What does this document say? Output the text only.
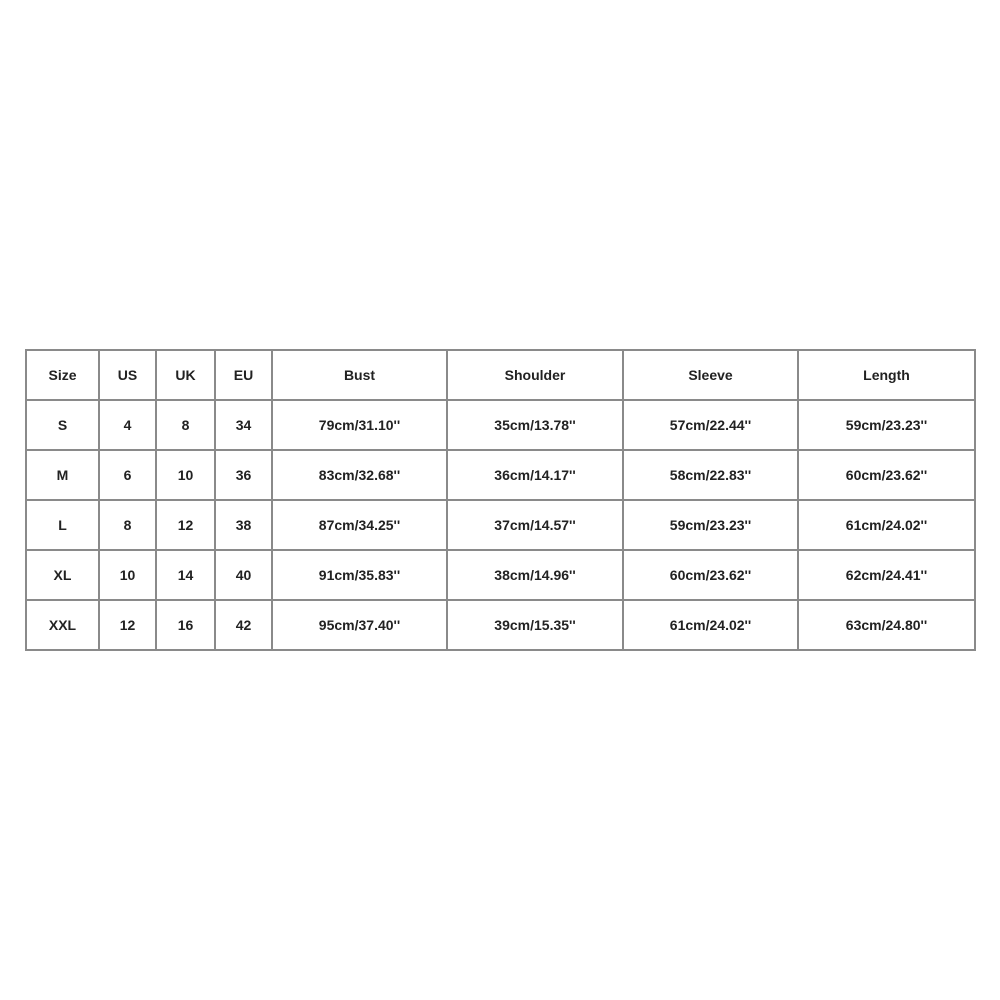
Size	US	UK	EU	Bust	Shoulder	Sleeve	Length
S	4	8	34	79cm/31.10''	35cm/13.78''	57cm/22.44''	59cm/23.23''
M	6	10	36	83cm/32.68''	36cm/14.17''	58cm/22.83''	60cm/23.62''
L	8	12	38	87cm/34.25''	37cm/14.57''	59cm/23.23''	61cm/24.02''
XL	10	14	40	91cm/35.83''	38cm/14.96''	60cm/23.62''	62cm/24.41''
XXL	12	16	42	95cm/37.40''	39cm/15.35''	61cm/24.02''	63cm/24.80''
